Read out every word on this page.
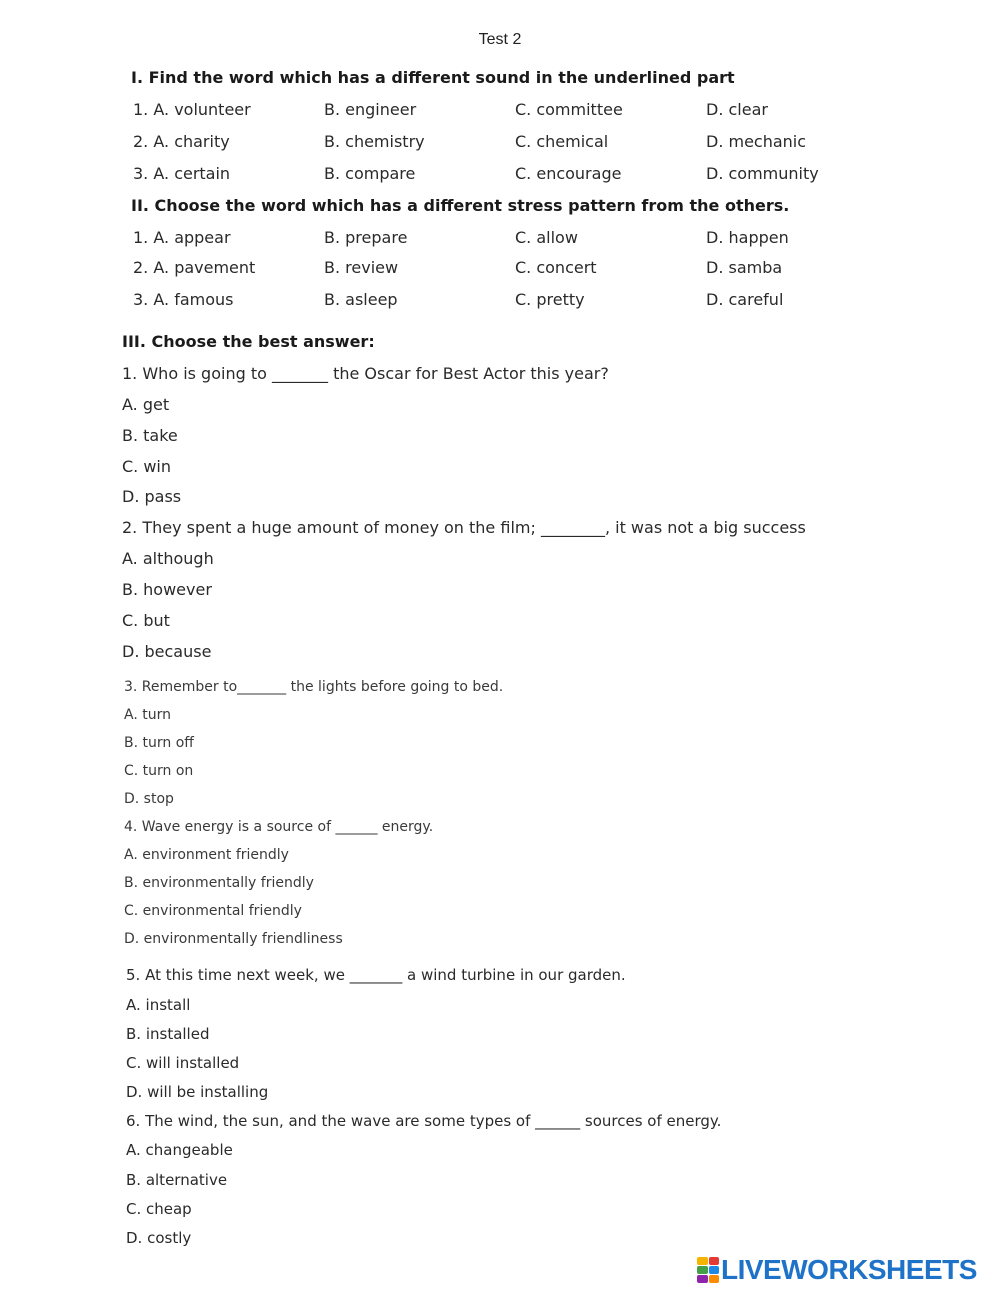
Test 2
I. Find the word which has a different sound in the underlined part
1. A. volunteer	B. engineer	C. committee	D. clear
2. A. charity	B. chemistry	C. chemical	D. mechanic
3. A. certain	B. compare	C. encourage	D. community
II. Choose the word which has a different stress pattern from the others.
1. A. appear	B. prepare	C. allow	D. happen
2. A. pavement	B. review	C. concert	D. samba
3. A. famous	B. asleep	C. pretty	D. careful
III. Choose the best answer:
1. Who is going to _______ the Oscar for Best Actor this year?
A. get
B. take
C. win
D. pass
2. They spent a huge amount of money on the film; ________, it was not a big success
A. although
B. however
C. but
D. because
3. Remember to_______ the lights before going to bed.
A. turn
B. turn off
C. turn on
D. stop
4. Wave energy is a source of ______ energy.
A. environment friendly
B. environmentally friendly
C. environmental friendly
D. environmentally friendliness
5. At this time next week, we _______ a wind turbine in our garden.
A. install
B. installed
C. will installed
D. will be installing
6. The wind, the sun, and the wave are some types of ______ sources of energy.
A. changeable
B. alternative
C. cheap
D. costly
LIVEWORKSHEETS
